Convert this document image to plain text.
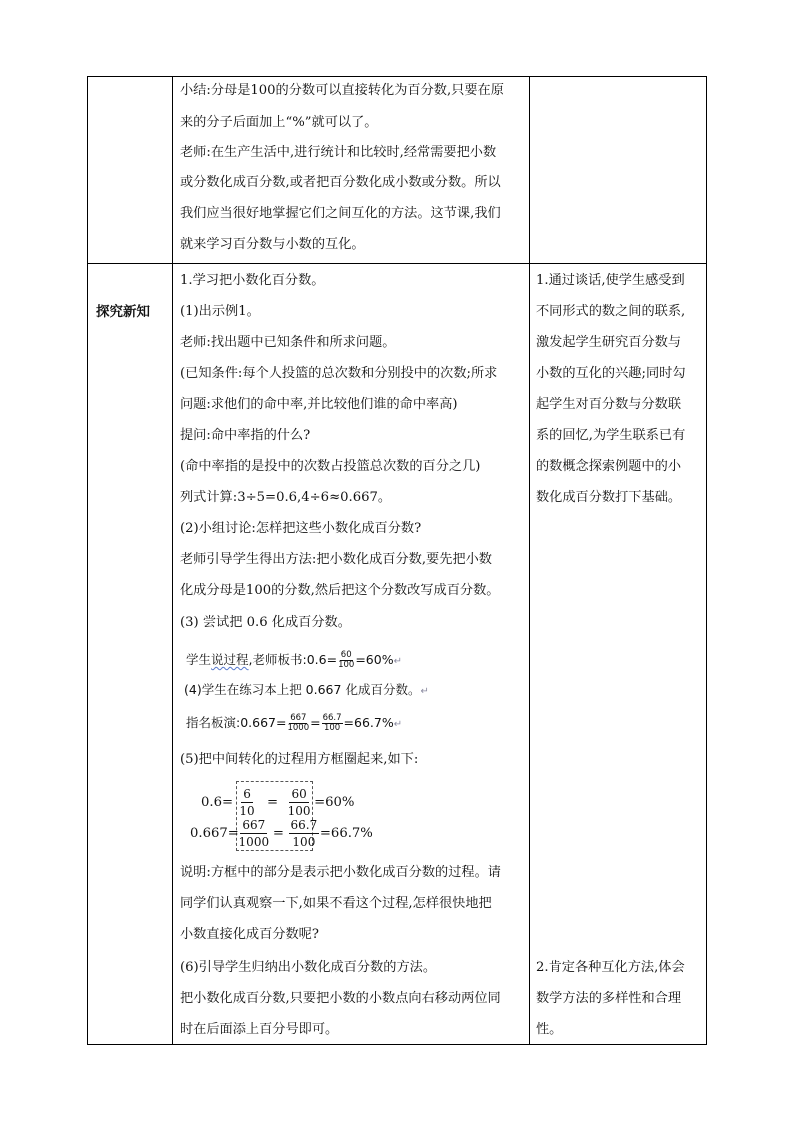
小结:分母是100的分数可以直接转化为百分数,只要在原
来的分子后面加上“%”就可以了。
老师:在生产生活中,进行统计和比较时,经常需要把小数
或分数化成百分数,或者把百分数化成小数或分数。所以
我们应当很好地掌握它们之间互化的方法。这节课,我们
就来学习百分数与小数的互化。
探究新知
1.学习把小数化百分数。
(1)出示例1。
老师:找出题中已知条件和所求问题。
(已知条件:每个人投篮的总次数和分别投中的次数;所求
问题:求他们的命中率,并比较他们谁的命中率高)
提问:命中率指的什么?
(命中率指的是投中的次数占投篮总次数的百分之几)
列式计算:3÷5=0.6,4÷6≈0.667。
(2)小组讨论:怎样把这些小数化成百分数?
老师引导学生得出方法:把小数化成百分数,要先把小数
化成分母是100的分数,然后把这个分数改写成百分数。
(3) 尝试把 0.6 化成百分数。
学生说过程,老师板书:0.6= $\frac{60}{100}$ =60%↵
(4)学生在练习本上把 0.667 化成百分数。↵
指名板演:0.667= $\frac{667}{1000} = \frac{66.7}{100}$ =66.7%↵
(5)把中间转化的过程用方框圈起来,如下:
$0.6= \frac{6}{10} = \frac{60}{100} =60\%$
$0.667= \frac{667}{1000} = \frac{66.7}{100} =66.7\%$
说明:方框中的部分是表示把小数化成百分数的过程。请
同学们认真观察一下,如果不看这个过程,怎样很快地把
小数直接化成百分数呢?
(6)引导学生归纳出小数化成百分数的方法。
把小数化成百分数,只要把小数的小数点向右移动两位同
时在后面添上百分号即可。
1.通过谈话,使学生感受到
不同形式的数之间的联系,
激发起学生研究百分数与
小数的互化的兴趣;同时勾
起学生对百分数与分数联
系的回忆,为学生联系已有
的数概念探索例题中的小
数化成百分数打下基础。
2.肯定各种互化方法,体会
数学方法的多样性和合理
性。
